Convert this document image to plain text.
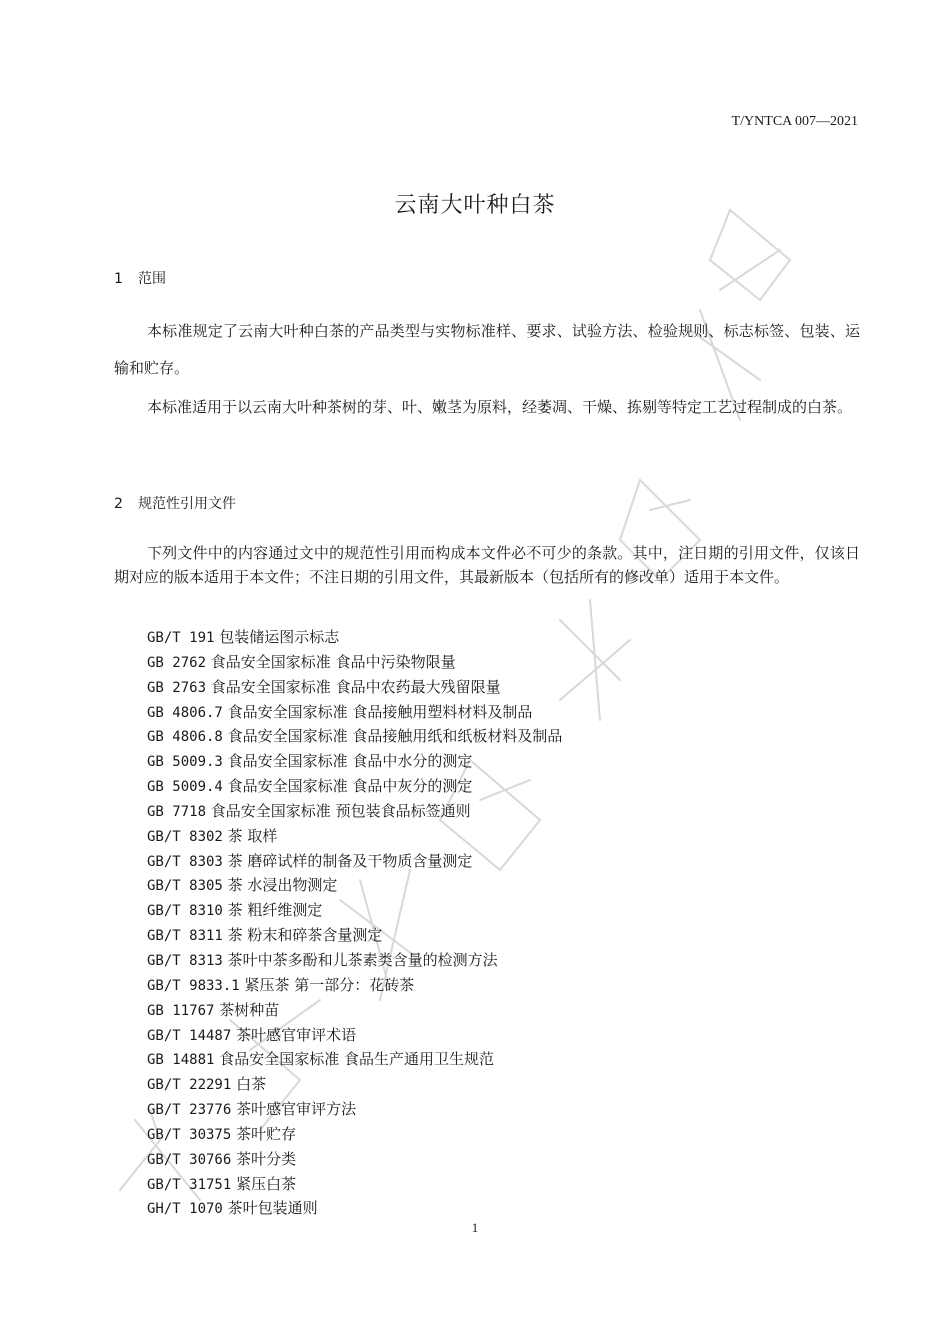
T/YNTCA 007—2021
云南大叶种白茶
1 范围

本标准规定了云南大叶种白茶的产品类型与实物标准样、要求、试验方法、检验规则、标志标签、包装、运输和贮存。

本标准适用于以云南大叶种茶树的芽、叶、嫩茎为原料，经萎凋、干燥、拣剔等特定工艺过程制成的白茶。

2 规范性引用文件

下列文件中的内容通过文中的规范性引用而构成本文件必不可少的条款。其中，注日期的引用文件，仅该日期对应的版本适用于本文件；不注日期的引用文件，其最新版本（包括所有的修改单）适用于本文件。

GB/T 191 包装储运图示标志
GB 2762 食品安全国家标准 食品中污染物限量
GB 2763 食品安全国家标准 食品中农药最大残留限量
GB 4806.7 食品安全国家标准 食品接触用塑料材料及制品
GB 4806.8 食品安全国家标准 食品接触用纸和纸板材料及制品
GB 5009.3 食品安全国家标准 食品中水分的测定
GB 5009.4 食品安全国家标准 食品中灰分的测定
GB 7718 食品安全国家标准 预包装食品标签通则
GB/T 8302 茶 取样
GB/T 8303 茶 磨碎试样的制备及干物质含量测定
GB/T 8305 茶 水浸出物测定
GB/T 8310 茶 粗纤维测定
GB/T 8311 茶 粉末和碎茶含量测定
GB/T 8313 茶叶中茶多酚和儿茶素类含量的检测方法
GB/T 9833.1 紧压茶 第一部分：花砖茶
GB 11767 茶树种苗
GB/T 14487 茶叶感官审评术语
GB 14881 食品安全国家标准 食品生产通用卫生规范
GB/T 22291 白茶
GB/T 23776 茶叶感官审评方法
GB/T 30375 茶叶贮存
GB/T 30766 茶叶分类
GB/T 31751 紧压白茶
GH/T 1070 茶叶包装通则
1
